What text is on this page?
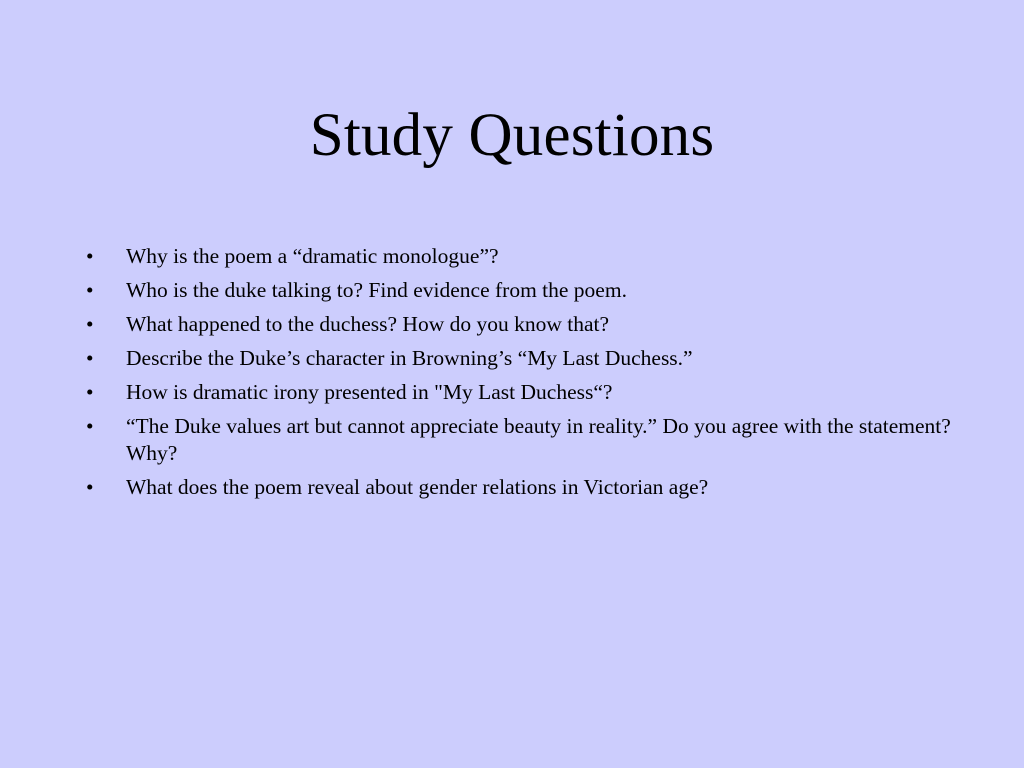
Study Questions
•	Why is the poem a “dramatic monologue”?
•	Who is the duke talking to? Find evidence from the poem.
•	What happened to the duchess? How do you know that?
•	Describe the Duke’s character in Browning’s “My Last Duchess.”
•	How is dramatic irony presented in "My Last Duchess“?
•	“The Duke values art but cannot appreciate beauty in reality.” Do you agree with the statement? Why?
•	What does the poem reveal about gender relations in Victorian age?
